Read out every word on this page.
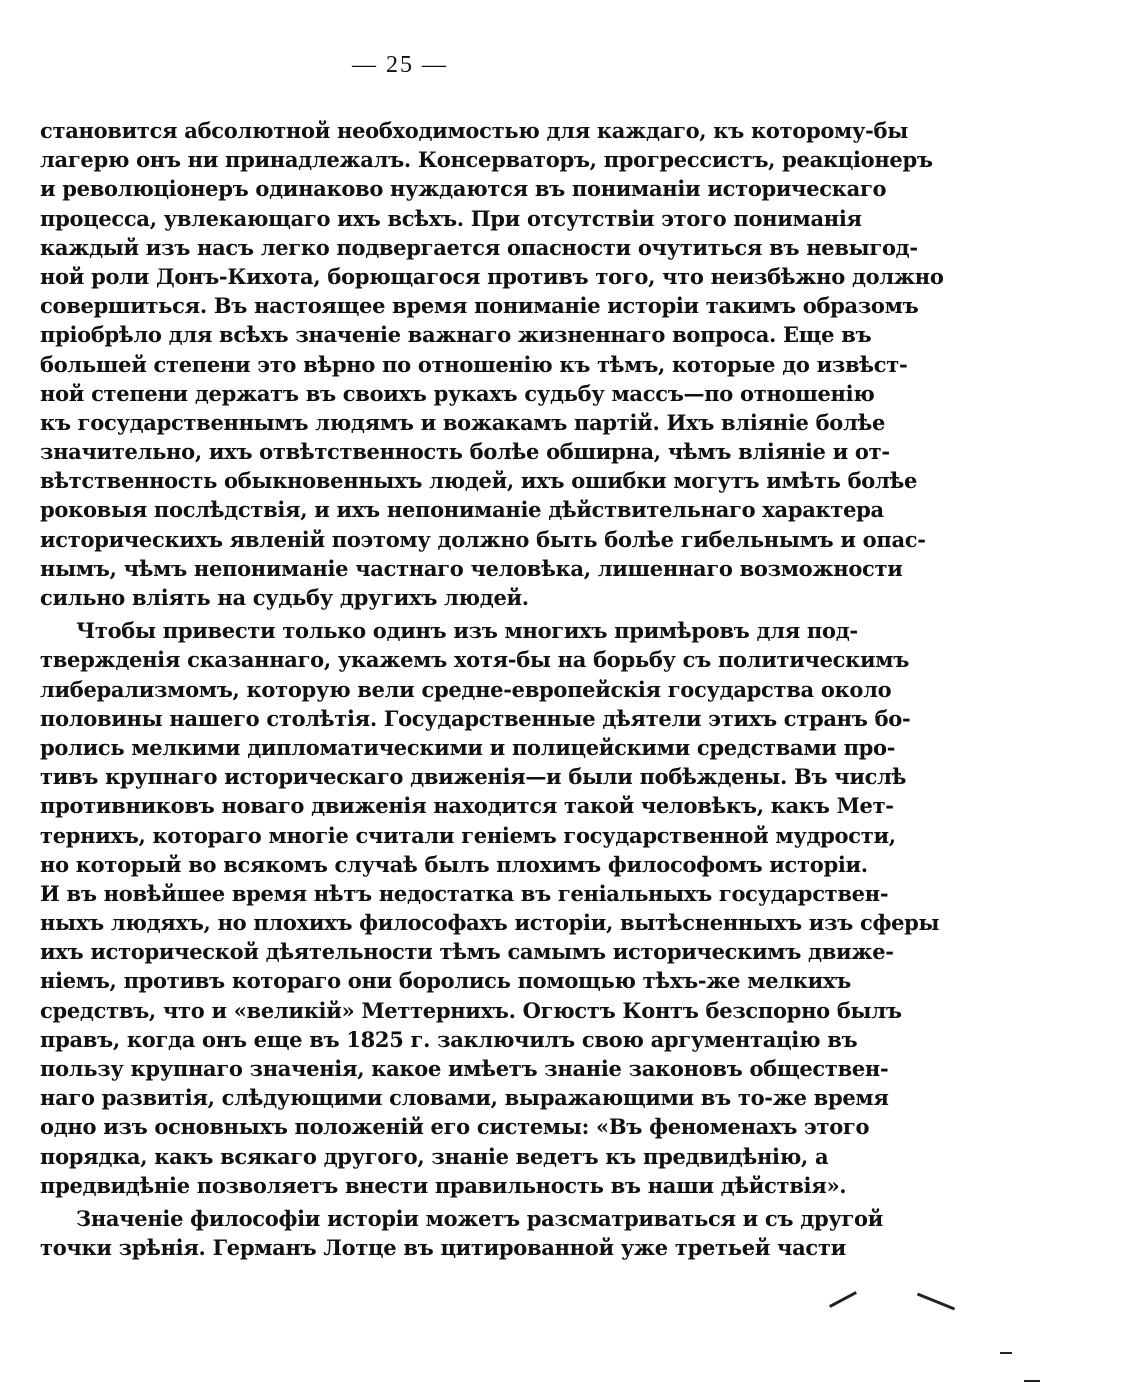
— 25 —
становится абсолютной необходимостью для каждаго, къ которому-бы
лагерю онъ ни принадлежалъ. Консерваторъ, прогрессистъ, реакціонеръ
и революціонеръ одинаково нуждаются въ пониманіи историческаго
процесса, увлекающаго ихъ всѣхъ. При отсутствіи этого пониманія
каждый изъ насъ легко подвергается опасности очутиться въ невыгод-
ной роли Донъ-Кихота, борющагося противъ того, что неизбѣжно должно
совершиться. Въ настоящее время пониманіе исторіи такимъ образомъ
пріобрѣло для всѣхъ значеніе важнаго жизненнаго вопроса. Еще въ
большей степени это вѣрно по отношенію къ тѣмъ, которые до извѣст-
ной степени держатъ въ своихъ рукахъ судьбу массъ—по отношенію
къ государственнымъ людямъ и вожакамъ партій. Ихъ вліяніе болѣе
значительно, ихъ отвѣтственность болѣе обширна, чѣмъ вліяніе и от-
вѣтственность обыкновенныхъ людей, ихъ ошибки могутъ имѣть болѣе
роковыя послѣдствія, и ихъ непониманіе дѣйствительнаго характера
историческихъ явленій поэтому должно быть болѣе гибельнымъ и опас-
нымъ, чѣмъ непониманіе частнаго человѣка, лишеннаго возможности
сильно вліять на судьбу другихъ людей.
Чтобы привести только одинъ изъ многихъ примѣровъ для под-
твержденія сказаннаго, укажемъ хотя-бы на борьбу съ политическимъ
либерализмомъ, которую вели средне-европейскія государства около
половины нашего столѣтія. Государственные дѣятели этихъ странъ бо-
ролись мелкими дипломатическими и полицейскими средствами про-
тивъ крупнаго историческаго движенія—и были побѣждены. Въ числѣ
противниковъ новаго движенія находится такой человѣкъ, какъ Мет-
тернихъ, котораго многіе считали геніемъ государственной мудрости,
но который во всякомъ случаѣ былъ плохимъ философомъ исторіи.
И въ новѣйшее время нѣтъ недостатка въ геніальныхъ государствен-
ныхъ людяхъ, но плохихъ философахъ исторіи, вытѣсненныхъ изъ сферы
ихъ исторической дѣятельности тѣмъ самымъ историческимъ движе-
ніемъ, противъ котораго они боролись помощью тѣхъ-же мелкихъ
средствъ, что и «великій» Меттернихъ. Огюстъ Контъ безспорно былъ
правъ, когда онъ еще въ 1825 г. заключилъ свою аргументацію въ
пользу крупнаго значенія, какое имѣетъ знаніе законовъ обществен-
наго развитія, слѣдующими словами, выражающими въ то-же время
одно изъ основныхъ положеній его системы: «Въ феноменахъ этого
порядка, какъ всякаго другого, знаніе ведетъ къ предвидѣнію, а
предвидѣніе позволяетъ внести правильность въ наши дѣйствія».
Значеніе философіи исторіи можетъ разсматриваться и съ другой
точки зрѣнія. Германъ Лотце въ цитированной уже третьей части
